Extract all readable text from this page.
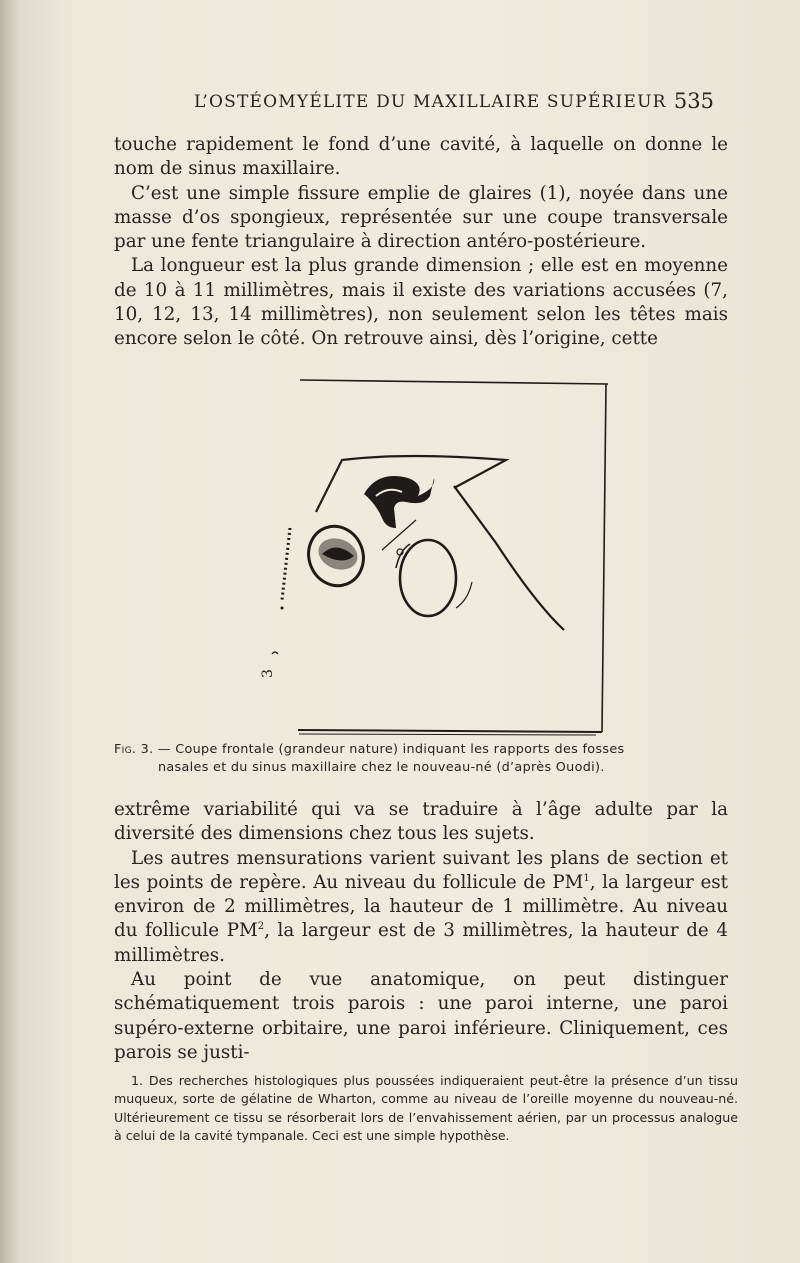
L’OSTÉOMYÉLITE DU MAXILLAIRE SUPÉRIEUR 535

touche rapidement le fond d’une cavité, à laquelle on donne le nom de sinus maxillaire.

C’est une simple fissure emplie de glaires (1), noyée dans une masse d’os spongieux, représentée sur une coupe transversale par une fente triangulaire à direction antéro-postérieure.

La longueur est la plus grande dimension ; elle est en moyenne de 10 à 11 millimètres, mais il existe des variations accusées (7, 10, 12, 13, 14 millimètres), non seulement selon les têtes mais encore selon le côté. On retrouve ainsi, dès l’origine, cette

3
Fig. 3. — Coupe frontale (grandeur nature) indiquant les rapports des fosses
nasales et du sinus maxillaire chez le nouveau-né (d’après Ouodi).

extrême variabilité qui va se traduire à l’âge adulte par la diversité des dimensions chez tous les sujets.

Les autres mensurations varient suivant les plans de section et les points de repère. Au niveau du follicule de $PM^1$, la largeur est environ de 2 millimètres, la hauteur de 1 millimètre. Au niveau du follicule $PM^2$, la largeur est de 3 millimètres, la hauteur de 4 millimètres.

Au point de vue anatomique, on peut distinguer schématiquement trois parois : une paroi interne, une paroi supéro-externe orbitaire, une paroi inférieure. Cliniquement, ces parois se justi-

1. Des recherches histologiques plus poussées indiqueraient peut-être la présence d’un tissu muqueux, sorte de gélatine de Wharton, comme au niveau de l’oreille moyenne du nouveau-né. Ultérieurement ce tissu se résorberait lors de l’envahissement aérien, par un processus analogue à celui de la cavité tympanale. Ceci est une simple hypothèse.
